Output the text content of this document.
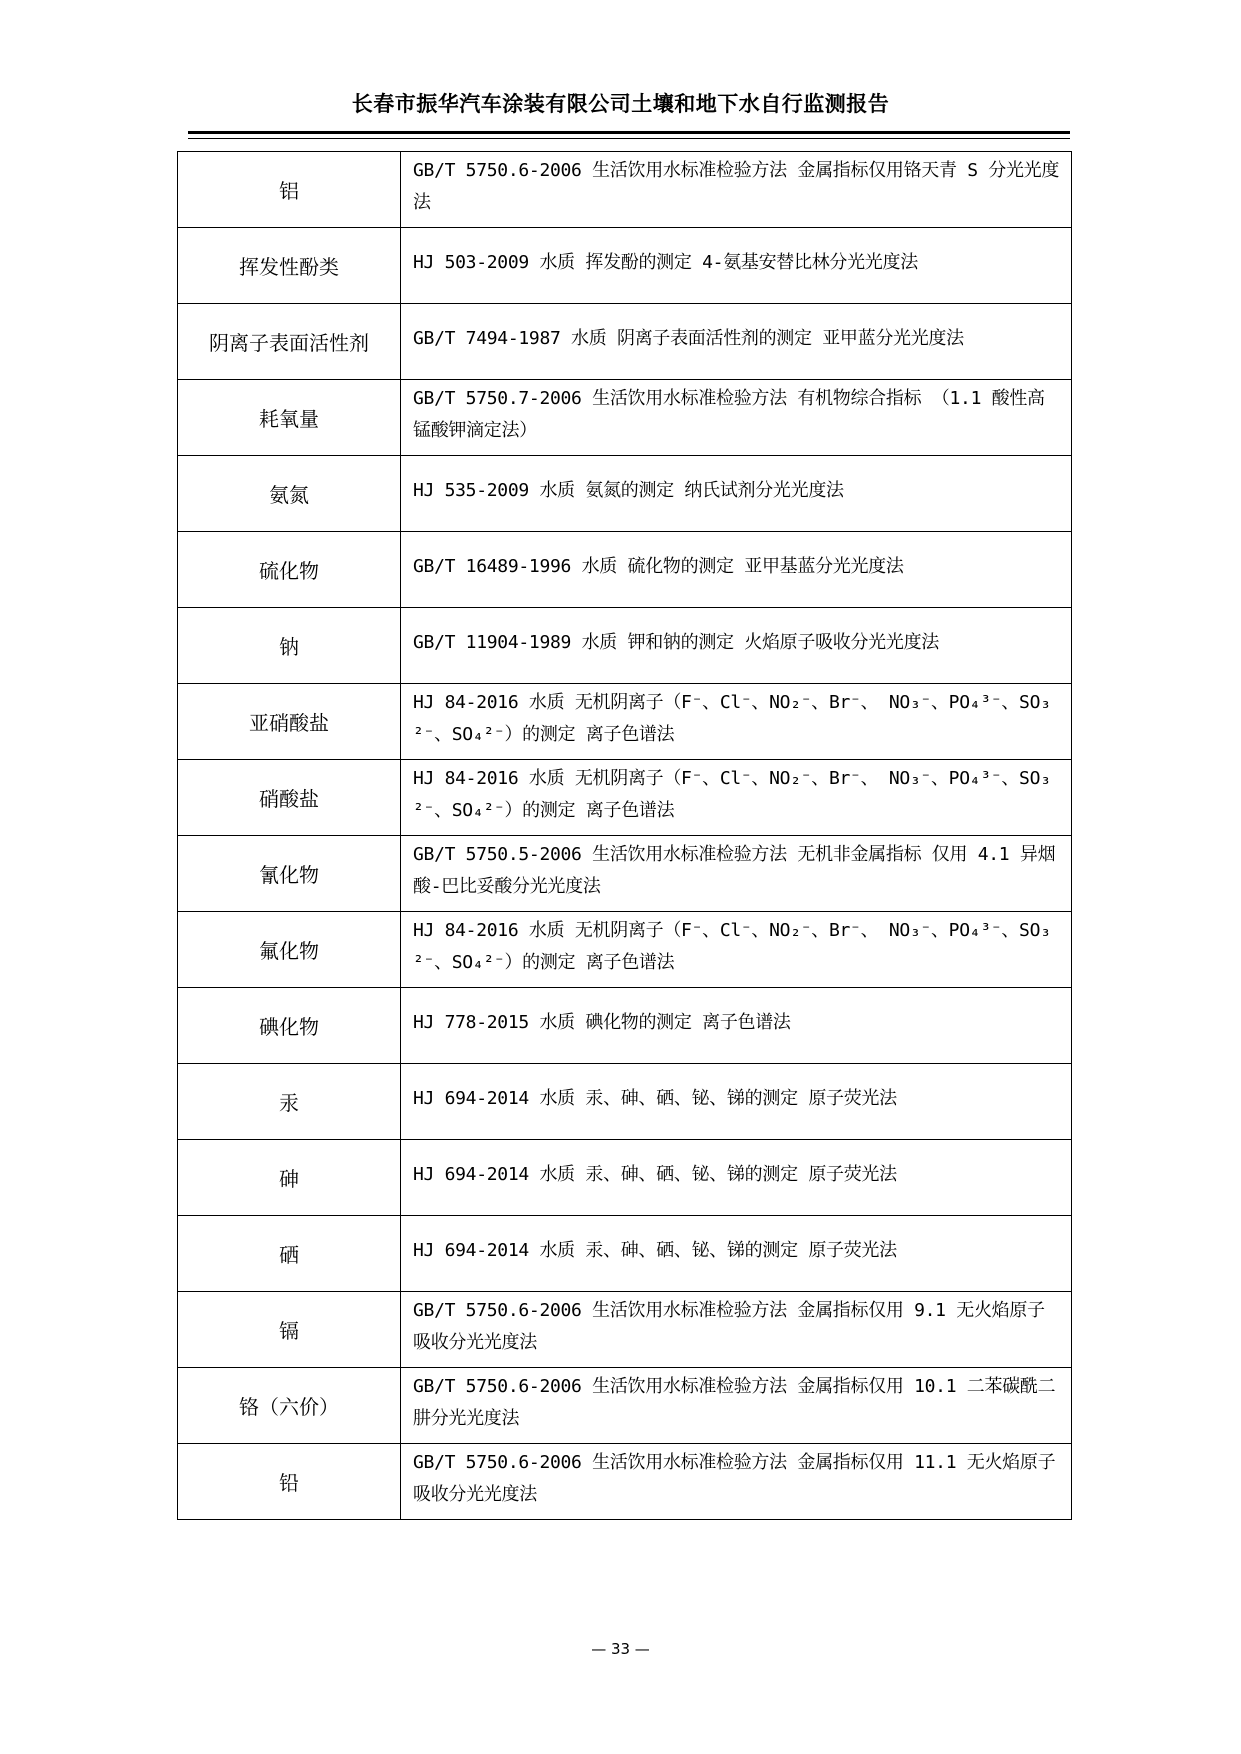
长春市振华汽车涂装有限公司土壤和地下水自行监测报告
铝	GB/T 5750.6-2006 生活饮用水标准检验方法 金属指标仅用铬天青 S 分光光度法
挥发性酚类	HJ 503-2009 水质 挥发酚的测定 4-氨基安替比林分光光度法
阴离子表面活性剂	GB/T 7494-1987 水质 阴离子表面活性剂的测定 亚甲蓝分光光度法
耗氧量	GB/T 5750.7-2006 生活饮用水标准检验方法 有机物综合指标 （1.1 酸性高锰酸钾滴定法）
氨氮	HJ 535-2009 水质 氨氮的测定 纳氏试剂分光光度法
硫化物	GB/T 16489-1996 水质 硫化物的测定 亚甲基蓝分光光度法
钠	GB/T 11904-1989 水质 钾和钠的测定 火焰原子吸收分光光度法
亚硝酸盐	HJ 84-2016 水质 无机阴离子（F⁻、Cl⁻、NO₂⁻、Br⁻、 NO₃⁻、PO₄³⁻、SO₃²⁻、SO₄²⁻）的测定 离子色谱法
硝酸盐	HJ 84-2016 水质 无机阴离子（F⁻、Cl⁻、NO₂⁻、Br⁻、 NO₃⁻、PO₄³⁻、SO₃²⁻、SO₄²⁻）的测定 离子色谱法
氰化物	GB/T 5750.5-2006 生活饮用水标准检验方法 无机非金属指标 仅用 4.1 异烟酸-巴比妥酸分光光度法
氟化物	HJ 84-2016 水质 无机阴离子（F⁻、Cl⁻、NO₂⁻、Br⁻、 NO₃⁻、PO₄³⁻、SO₃²⁻、SO₄²⁻）的测定 离子色谱法
碘化物	HJ 778-2015 水质 碘化物的测定 离子色谱法
汞	HJ 694-2014 水质 汞、砷、硒、铋、锑的测定 原子荧光法
砷	HJ 694-2014 水质 汞、砷、硒、铋、锑的测定 原子荧光法
硒	HJ 694-2014 水质 汞、砷、硒、铋、锑的测定 原子荧光法
镉	GB/T 5750.6-2006 生活饮用水标准检验方法 金属指标仅用 9.1 无火焰原子吸收分光光度法
铬（六价）	GB/T 5750.6-2006 生活饮用水标准检验方法 金属指标仅用 10.1 二苯碳酰二肼分光光度法
铅	GB/T 5750.6-2006 生活饮用水标准检验方法 金属指标仅用 11.1 无火焰原子吸收分光光度法
— 33 —
